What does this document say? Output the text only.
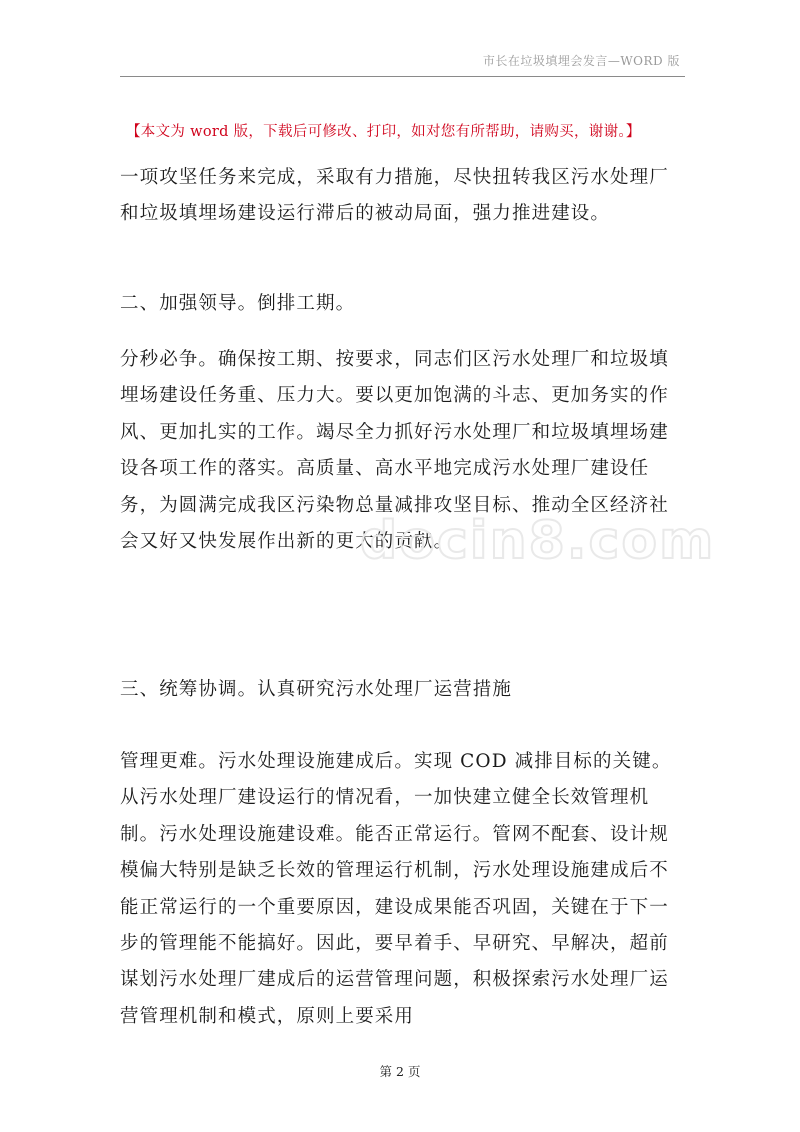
市长在垃圾填埋会发言—WORD 版
【本文为 word 版，下载后可修改、打印，如对您有所帮助，请购买，谢谢。】

一项攻坚任务来完成，采取有力措施，尽快扭转我区污水处理厂和垃圾填埋场建设运行滞后的被动局面，强力推进建设。

二、加强领导。倒排工期。

分秒必争。确保按工期、按要求，同志们区污水处理厂和垃圾填埋场建设任务重、压力大。要以更加饱满的斗志、更加务实的作风、更加扎实的工作。竭尽全力抓好污水处理厂和垃圾填埋场建设各项工作的落实。高质量、高水平地完成污水处理厂建设任务，为圆满完成我区污染物总量减排攻坚目标、推动全区经济社会又好又快发展作出新的更大的贡献。

三、统筹协调。认真研究污水处理厂运营措施

管理更难。污水处理设施建成后。实现 COD 减排目标的关键。从污水处理厂建设运行的情况看，一加快建立健全长效管理机制。污水处理设施建设难。能否正常运行。管网不配套、设计规模偏大特别是缺乏长效的管理运行机制，污水处理设施建成后不能正常运行的一个重要原因，建设成果能否巩固，关键在于下一步的管理能不能搞好。因此，要早着手、早研究、早解决，超前谋划污水处理厂建成后的运营管理问题，积极探索污水处理厂运营管理机制和模式，原则上要采用

docin8.com
第 2 页
